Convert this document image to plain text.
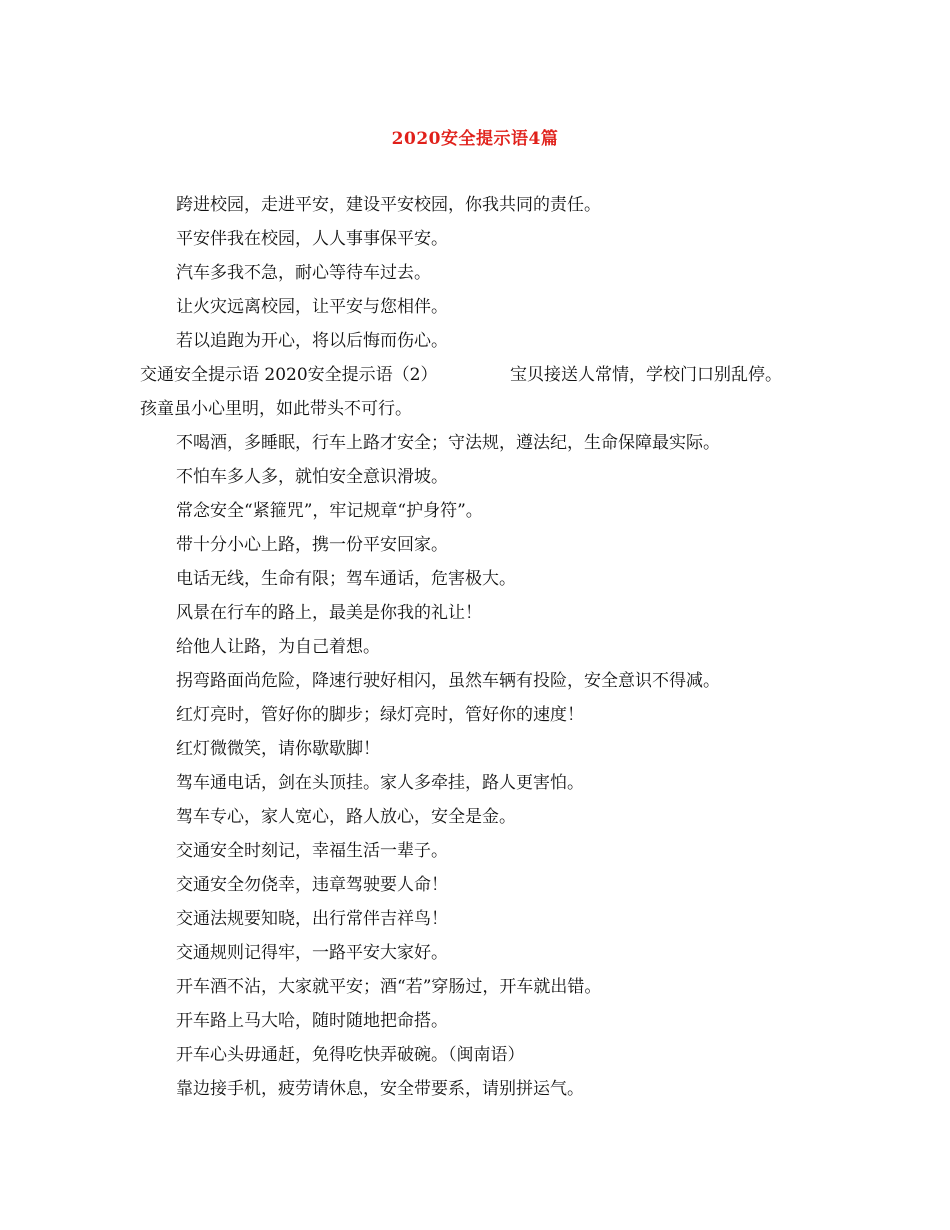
2020安全提示语4篇
跨进校园，走进平安，建设平安校园，你我共同的责任。
平安伴我在校园，人人事事保平安。
汽车多我不急，耐心等待车过去。
让火灾远离校园，让平安与您相伴。
若以追跑为开心，将以后悔而伤心。
交通安全提示语 2020安全提示语（2）	宝贝接送人常情，学校门口别乱停。
孩童虽小心里明，如此带头不可行。
不喝酒，多睡眠，行车上路才安全；守法规，遵法纪，生命保障最实际。
不怕车多人多，就怕安全意识滑坡。
常念安全“紧箍咒”，牢记规章“护身符”。
带十分小心上路，携一份平安回家。
电话无线，生命有限；驾车通话，危害极大。
风景在行车的路上，最美是你我的礼让！
给他人让路，为自己着想。
拐弯路面尚危险，降速行驶好相闪，虽然车辆有投险，安全意识不得减。
红灯亮时，管好你的脚步；绿灯亮时，管好你的速度！
红灯微微笑，请你歇歇脚！
驾车通电话，剑在头顶挂。家人多牵挂，路人更害怕。
驾车专心，家人宽心，路人放心，安全是金。
交通安全时刻记，幸福生活一辈子。
交通安全勿侥幸，违章驾驶要人命！
交通法规要知晓，出行常伴吉祥鸟！
交通规则记得牢，一路平安大家好。
开车酒不沾，大家就平安；酒“若”穿肠过，开车就出错。
开车路上马大哈，随时随地把命搭。
开车心头毋通赶，免得吃快弄破碗。（闽南语）
靠边接手机，疲劳请休息，安全带要系，请别拼运气。
